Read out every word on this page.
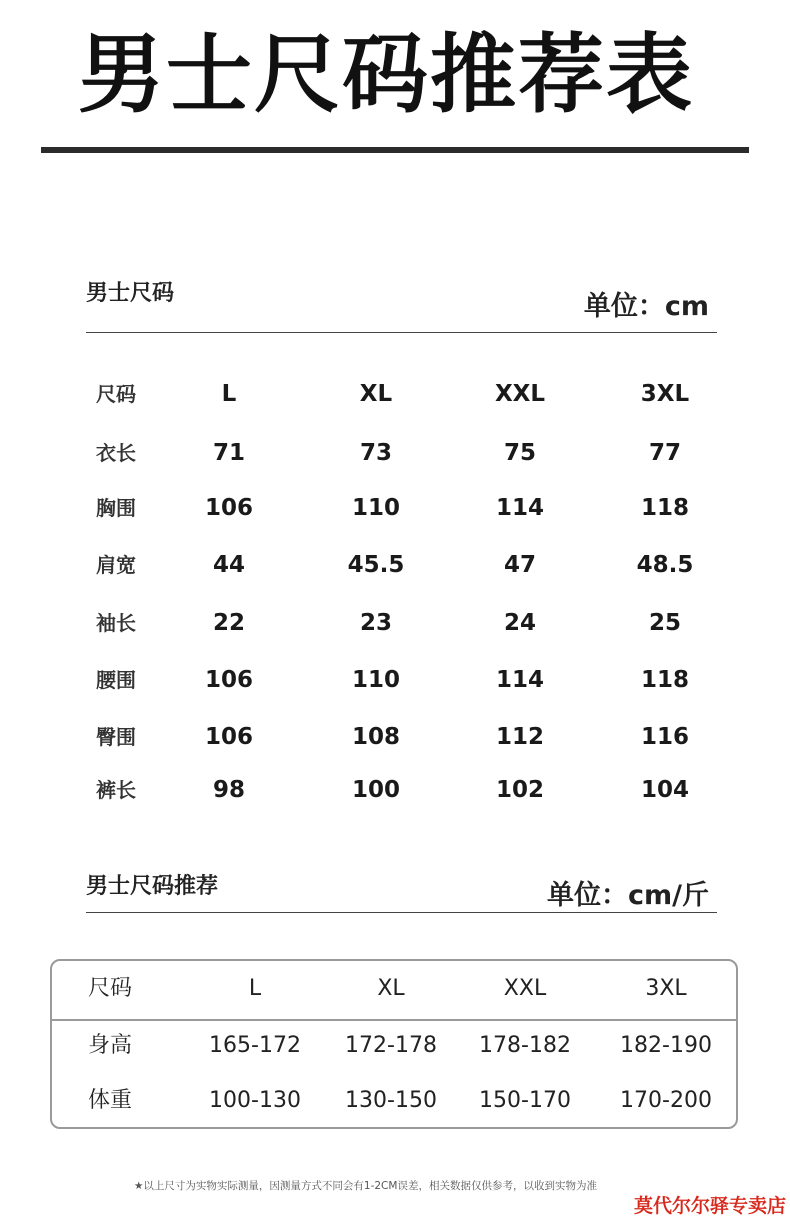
男士尺码推荐表
男士尺码	单位：cm
尺码	L	XL	XXL	3XL
衣长	71	73	75	77
胸围	106	110	114	118
肩宽	44	45.5	47	48.5
袖长	22	23	24	25
腰围	106	110	114	118
臀围	106	108	112	116
裤长	98	100	102	104
男士尺码推荐	单位：cm/斤
尺码	L	XL	XXL	3XL
身高	165-172	172-178	178-182	182-190
体重	100-130	130-150	150-170	170-200
★以上尺寸为实物实际测量，因测量方式不同会有1-2CM误差，相关数据仅供参考，以收到实物为准
莫代尔尔驿专卖店
